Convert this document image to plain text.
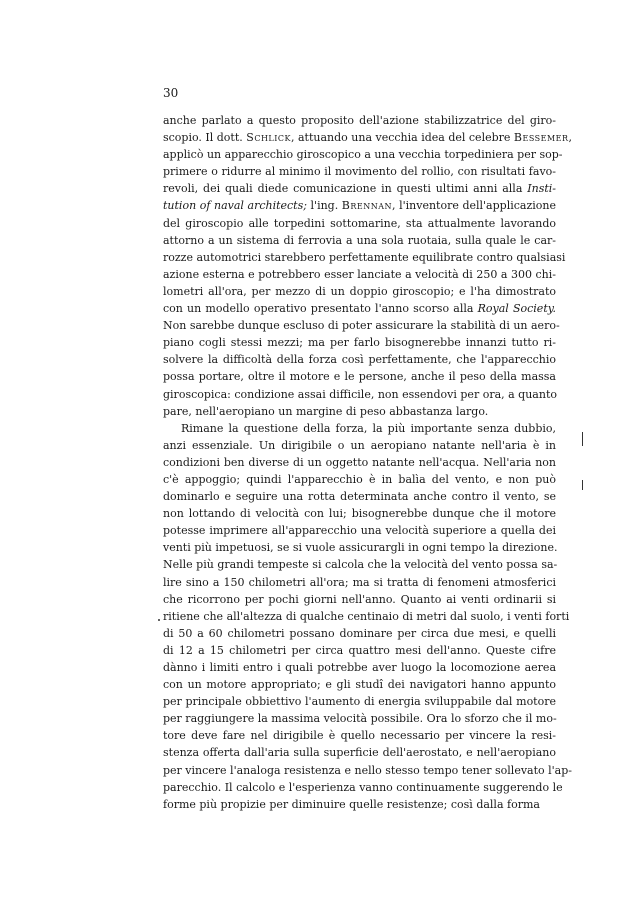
30
anche parlato a questo proposito dell'azione stabilizzatrice del giro-
scopio. Il dott. Schlick, attuando una vecchia idea del celebre Bessemer,
applicò un apparecchio giroscopico a una vecchia torpediniera per sop-
primere o ridurre al minimo il movimento del rollio, con risultati favo-
revoli, dei quali diede comunicazione in questi ultimi anni alla Insti-
tution of naval architects; l'ing. Brennan, l'inventore dell'applicazione
del giroscopio alle torpedini sottomarine, sta attualmente lavorando
attorno a un sistema di ferrovia a una sola ruotaia, sulla quale le car-
rozze automotrici starebbero perfettamente equilibrate contro qualsiasi
azione esterna e potrebbero esser lanciate a velocità di 250 a 300 chi-
lometri all'ora, per mezzo di un doppio giroscopio; e l'ha dimostrato
con un modello operativo presentato l'anno scorso alla Royal Society.
Non sarebbe dunque escluso di poter assicurare la stabilità di un aero-
piano cogli stessi mezzi; ma per farlo bisognerebbe innanzi tutto ri-
solvere la difficoltà della forza così perfettamente, che l'apparecchio
possa portare, oltre il motore e le persone, anche il peso della massa
giroscopica: condizione assai difficile, non essendovi per ora, a quanto
pare, nell'aeropiano un margine di peso abbastanza largo.
Rimane la questione della forza, la più importante senza dubbio,
anzi essenziale. Un dirigibile o un aeropiano natante nell'aria è in
condizioni ben diverse di un oggetto natante nell'acqua. Nell'aria non
c'è appoggio; quindi l'apparecchio è in balìa del vento, e non può
dominarlo e seguire una rotta determinata anche contro il vento, se
non lottando di velocità con lui; bisognerebbe dunque che il motore
potesse imprimere all'apparecchio una velocità superiore a quella dei
venti più impetuosi, se si vuole assicurargli in ogni tempo la direzione.
Nelle più grandi tempeste si calcola che la velocità del vento possa sa-
lire sino a 150 chilometri all'ora; ma si tratta di fenomeni atmosferici
che ricorrono per pochi giorni nell'anno. Quanto ai venti ordinarii si
ritiene che all'altezza di qualche centinaio di metri dal suolo, i venti forti
di 50 a 60 chilometri possano dominare per circa due mesi, e quelli
di 12 a 15 chilometri per circa quattro mesi dell'anno. Queste cifre
dànno i limiti entro i quali potrebbe aver luogo la locomozione aerea
con un motore appropriato; e gli studî dei navigatori hanno appunto
per principale obbiettivo l'aumento di energia sviluppabile dal motore
per raggiungere la massima velocità possibile. Ora lo sforzo che il mo-
tore deve fare nel dirigibile è quello necessario per vincere la resi-
stenza offerta dall'aria sulla superficie dell'aerostato, e nell'aeropiano
per vincere l'analoga resistenza e nello stesso tempo tener sollevato l'ap-
parecchio. Il calcolo e l'esperienza vanno continuamente suggerendo le
forme più propizie per diminuire quelle resistenze; così dalla forma
